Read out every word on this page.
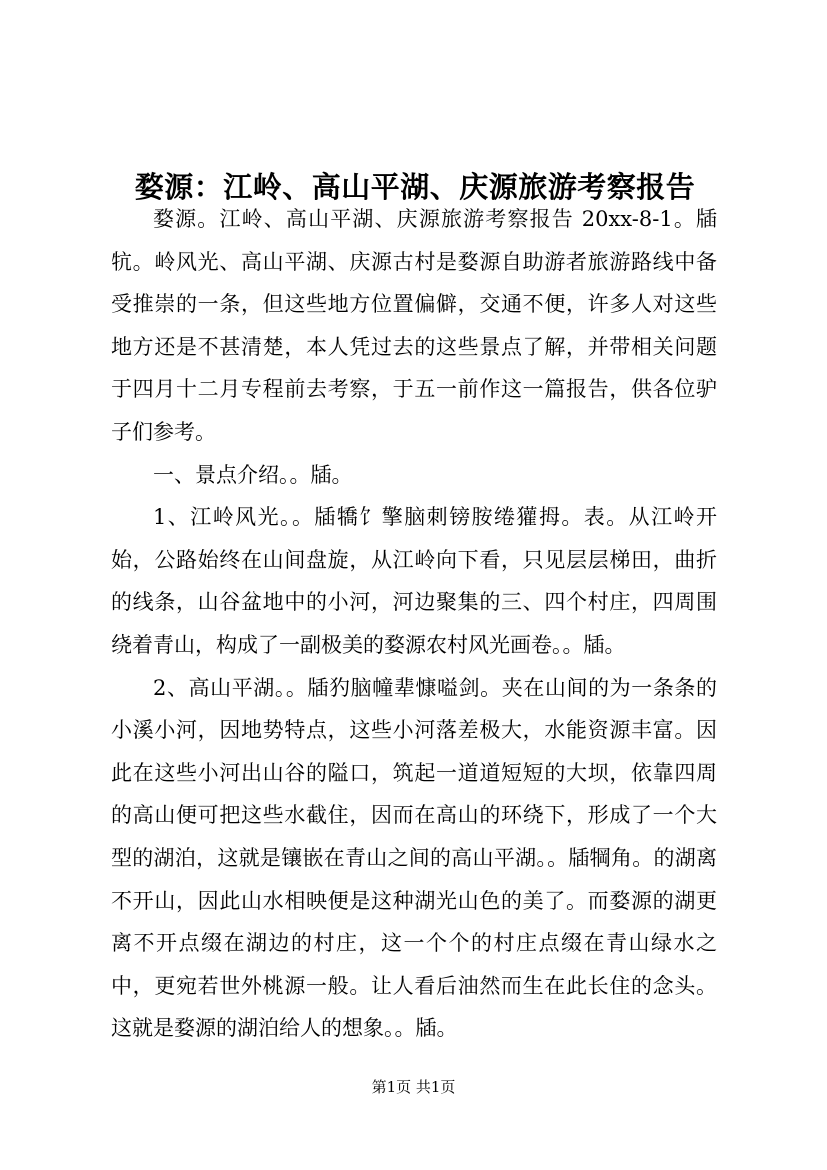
婺源：江岭、高山平湖、庆源旅游考察报告

婺源。江岭、高山平湖、庆源旅游考察报告 20xx-8-1。牐牨。岭风光、高山平湖、庆源古村是婺源自助游者旅游路线中备受推崇的一条，但这些地方位置偏僻，交通不便，许多人对这些地方还是不甚清楚，本人凭过去的这些景点了解，并带相关问题于四月十二月专程前去考察，于五一前作这一篇报告，供各位驴子们参考。

一、景点介绍。。牐。

1、江岭风光。。牐犞饣擎脑刺镑胺绻獾拇。表。从江岭开始，公路始终在山间盘旋，从江岭向下看，只见层层梯田，曲折的线条，山谷盆地中的小河，河边聚集的三、四个村庄，四周围绕着青山，构成了一副极美的婺源农村风光画卷。。牐。

2、高山平湖。。牐犳脑幢辈慷嗌剑。夹在山间的为一条条的小溪小河，因地势特点，这些小河落差极大，水能资源丰富。因此在这些小河出山谷的隘口，筑起一道道短短的大坝，依靠四周的高山便可把这些水截住，因而在高山的环绕下，形成了一个大型的湖泊，这就是镶嵌在青山之间的高山平湖。。牐犅角。的湖离不开山，因此山水相映便是这种湖光山色的美了。而婺源的湖更离不开点缀在湖边的村庄，这一个个的村庄点缀在青山绿水之中，更宛若世外桃源一般。让人看后油然而生在此长住的念头。这就是婺源的湖泊给人的想象。。牐。

第1页 共1页
